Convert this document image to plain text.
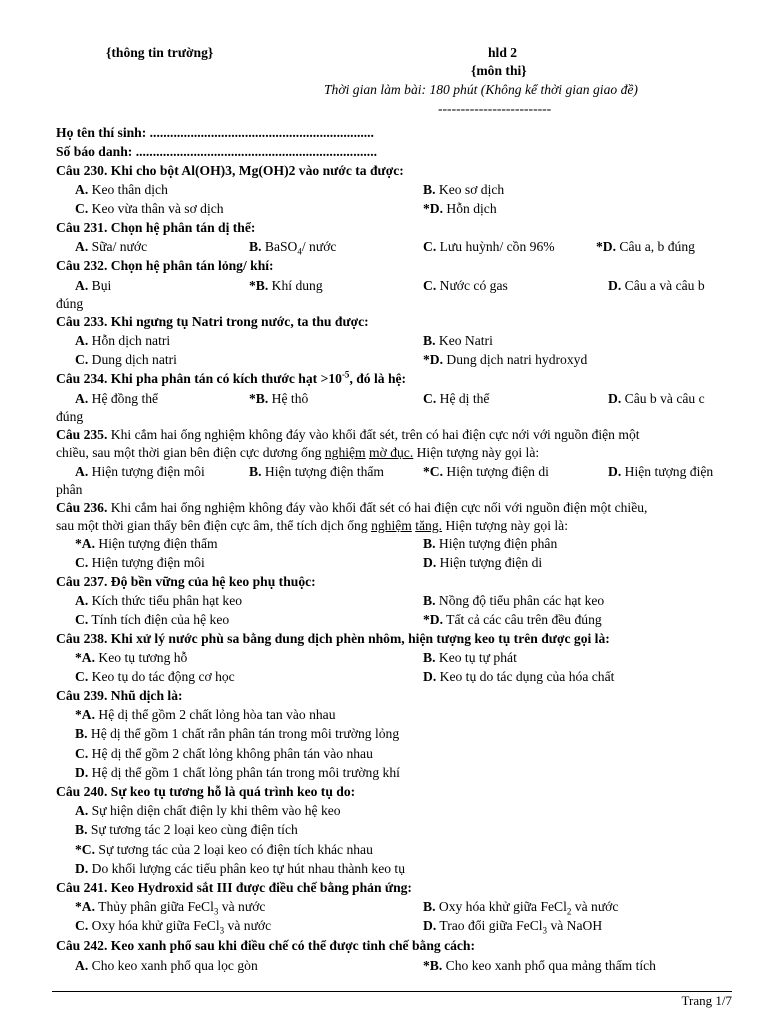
{thông tin trường}	hld 2
{môn thi}
Thời gian làm bài: 180 phút (Không kể thời gian giao đề)
-------------------------
Họ tên thí sinh: ..................................................................
Số báo danh: .......................................................................
Câu 230. Khi cho bột Al(OH)3, Mg(OH)2 vào nước ta được:
A. Keo thân dịch	B. Keo sơ dịch
C. Keo vừa thân và sơ dịch	*D. Hỗn dịch
Câu 231. Chọn hệ phân tán dị thể:
A. Sữa/ nước	B. BaSO$_4$/ nước	C. Lưu huỳnh/ cồn 96%	*D. Câu a, b đúng
Câu 232. Chọn hệ phân tán lỏng/ khí:
A. Bụi	*B. Khí dung	C. Nước có gas	D. Câu a và câu b
đúng
Câu 233. Khi ngưng tụ Natri trong nước, ta thu được:
A. Hỗn dịch natri	B. Keo Natri
C. Dung dịch natri	*D. Dung dịch natri hydroxyd
Câu 234. Khi pha phân tán có kích thước hạt $>10^{-5}$, đó là hệ:
A. Hệ đồng thể	*B. Hệ thô	C. Hệ dị thể	D. Câu b và câu c
đúng
Câu 235. Khi cắm hai ống nghiệm không đáy vào khối đất sét, trên có hai điện cực nới với nguồn điện một
chiều, sau một thời gian bên điện cực dương ống nghiệm mờ đục. Hiện tượng này gọi là:
A. Hiện tượng điện môi	B. Hiện tượng điện thẩm	*C. Hiện tượng điện di	D. Hiện tượng điện
phân
Câu 236. Khi cắm hai ống nghiệm không đáy vào khối đất sét có hai điện cực nối với nguồn điện một chiều,
sau một thời gian thấy bên điện cực âm, thể tích dịch ống nghiệm tăng. Hiện tượng này gọi là:
*A. Hiện tượng điện thẩm	B. Hiện tượng điện phân
C. Hiện tượng điện môi	D. Hiện tượng điện di
Câu 237. Độ bền vững của hệ keo phụ thuộc:
A. Kích thức tiểu phân hạt keo	B. Nồng độ tiểu phân các hạt keo
C. Tính tích điện của hệ keo	*D. Tất cả các câu trên đều đúng
Câu 238. Khi xử lý nước phù sa bằng dung dịch phèn nhôm, hiện tượng keo tụ trên được gọi là:
*A. Keo tụ tương hỗ	B. Keo tụ tự phát
C. Keo tụ do tác động cơ học	D. Keo tụ do tác dụng của hóa chất
Câu 239. Nhũ dịch là:
*A. Hệ dị thể gồm 2 chất lỏng hòa tan vào nhau
B. Hệ dị thể gồm 1 chất rắn phân tán trong môi trường lỏng
C. Hệ dị thể gồm 2 chất lỏng không phân tán vào nhau
D. Hệ dị thể gồm 1 chất lỏng phân tán trong môi trường khí
Câu 240. Sự keo tụ tương hỗ là quá trình keo tụ do:
A. Sự hiện diện chất điện ly khi thêm vào hệ keo
B. Sự tương tác 2 loại keo cùng điện tích
*C. Sự tương tác của 2 loại keo có điện tích khác nhau
D. Do khối lượng các tiểu phân keo tự hút nhau thành keo tụ
Câu 241. Keo Hydroxid sắt III được điều chế bằng phản ứng:
*A. Thủy phân giữa FeCl$_3$ và nước	B. Oxy hóa khử giữa FeCl$_2$ và nước
C. Oxy hóa khử giữa FeCl$_3$ và nước	D. Trao đổi giữa FeCl$_3$ và NaOH
Câu 242. Keo xanh phổ sau khi điều chế có thể được tinh chế bằng cách:
A. Cho keo xanh phổ qua lọc gòn	*B. Cho keo xanh phổ qua mảng thấm tích
Trang 1/7
